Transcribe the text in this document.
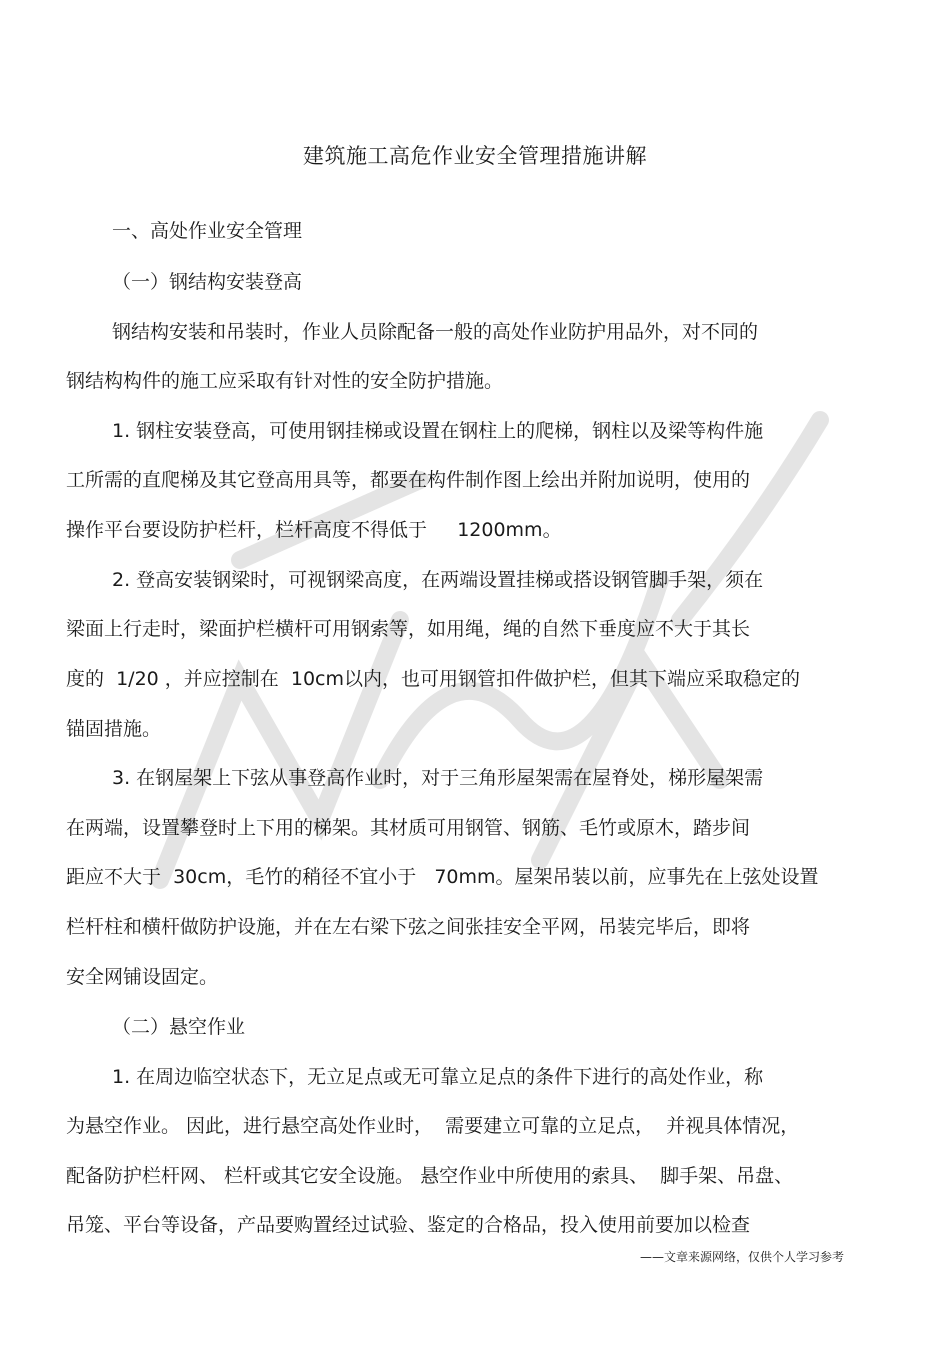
建筑施工高危作业安全管理措施讲解
一、高处作业安全管理
（一）钢结构安装登高
钢结构安装和吊装时，作业人员除配备一般的高处作业防护用品外，对不同的
钢结构构件的施工应采取有针对性的安全防护措施。
1. 钢柱安装登高，可使用钢挂梯或设置在钢柱上的爬梯，钢柱以及梁等构件施
工所需的直爬梯及其它登高用具等，都要在构件制作图上绘出并附加说明，使用的
操作平台要设防护栏杆，栏杆高度不得低于     1200mm。
2. 登高安装钢梁时，可视钢梁高度，在两端设置挂梯或搭设钢管脚手架，须在
梁面上行走时，梁面护栏横杆可用钢索等，如用绳，绳的自然下垂度应不大于其长
度的  1/20 ，并应控制在  10cm以内，也可用钢管扣件做护栏，但其下端应采取稳定的
锚固措施。
3. 在钢屋架上下弦从事登高作业时，对于三角形屋架需在屋脊处，梯形屋架需
在两端，设置攀登时上下用的梯架。其材质可用钢管、钢筋、毛竹或原木，踏步间
距应不大于  30cm，毛竹的稍径不宜小于   70mm。屋架吊装以前，应事先在上弦处设置
栏杆柱和横杆做防护设施，并在左右梁下弦之间张挂安全平网，吊装完毕后，即将
安全网铺设固定。
（二）悬空作业
1. 在周边临空状态下，无立足点或无可靠立足点的条件下进行的高处作业，称
为悬空作业。 因此，进行悬空高处作业时，  需要建立可靠的立足点，  并视具体情况，
配备防护栏杆网、 栏杆或其它安全设施。 悬空作业中所使用的索具、  脚手架、吊盘、
吊笼、平台等设备，产品要购置经过试验、鉴定的合格品，投入使用前要加以检查
——文章来源网络，仅供个人学习参考
